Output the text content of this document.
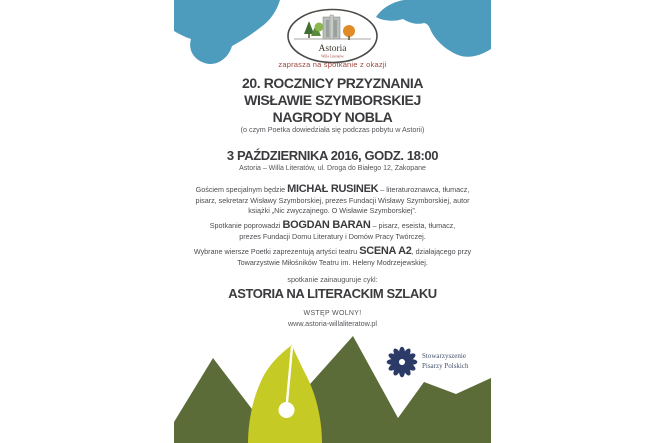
Astoria
Willa Literatów
zaprasza na spotkanie z okazji
20. ROCZNICY PRZYZNANIA
WISŁAWIE SZYMBORSKIEJ
NAGRODY NOBLA
(o czym Poetka dowiedziała się podczas pobytu w Astorii)
3 PAŹDZIERNIKA 2016, GODZ. 18:00
Astoria – Willa Literatów, ul. Droga do Białego 12, Zakopane

Gościem specjalnym będzie MICHAŁ RUSINEK – literaturoznawca, tłumacz, pisarz, sekretarz Wisławy Szymborskiej, prezes Fundacji Wisławy Szymborskiej, autor książki „Nic zwyczajnego. O Wisławie Szymborskiej”.

Spotkanie poprowadzi BOGDAN BARAN – pisarz, eseista, tłumacz, prezes Fundacji Domu Literatury i Domów Pracy Twórczej.

Wybrane wiersze Poetki zaprezentują artyści teatru SCENA A2, działającego przy Towarzystwie Miłośników Teatru im. Heleny Modrzejewskiej.

spotkanie zainauguruje cykl:
ASTORIA NA LITERACKIM SZLAKU
WSTĘP WOLNY!
www.astoria-willaliteratow.pl
Stowarzyszenie
Pisarzy Polskich
